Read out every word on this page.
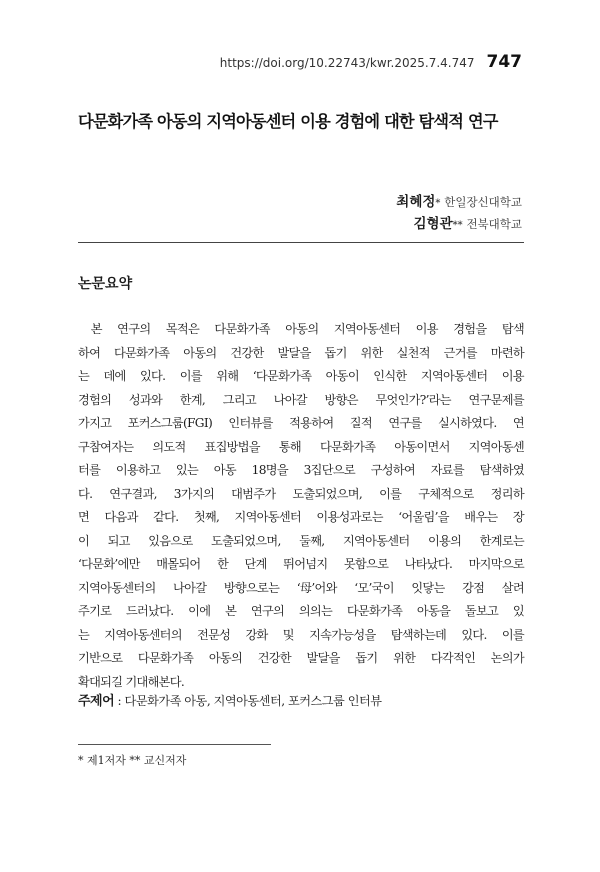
https://doi.org/10.22743/kwr.2025.7.4.747 747
다문화가족 아동의 지역아동센터 이용 경험에 대한 탐색적 연구
최혜정* 한일장신대학교
김형관** 전북대학교
논문요약
본 연구의 목적은 다문화가족 아동의 지역아동센터 이용 경험을 탐색
하여 다문화가족 아동의 건강한 발달을 돕기 위한 실천적 근거를 마련하
는 데에 있다. 이를 위해 ‘다문화가족 아동이 인식한 지역아동센터 이용
경험의 성과와 한계, 그리고 나아갈 방향은 무엇인가?’라는 연구문제를
가지고 포커스그룹(FGI) 인터뷰를 적용하여 질적 연구를 실시하였다. 연
구참여자는 의도적 표집방법을 통해 다문화가족 아동이면서 지역아동센
터를 이용하고 있는 아동 18명을 3집단으로 구성하여 자료를 탐색하였
다. 연구결과, 3가지의 대범주가 도출되었으며, 이를 구체적으로 정리하
면 다음과 같다. 첫째, 지역아동센터 이용성과로는 ‘어울림’을 배우는 장
이 되고 있음으로 도출되었으며, 둘째, 지역아동센터 이용의 한계로는
‘다문화’에만 매몰되어 한 단계 뛰어넘지 못함으로 나타났다. 마지막으로
지역아동센터의 나아갈 방향으로는 ‘母’어와 ‘모’국이 잇닿는 강점 살려
주기로 드러났다. 이에 본 연구의 의의는 다문화가족 아동을 돌보고 있
는 지역아동센터의 전문성 강화 및 지속가능성을 탐색하는데 있다. 이를
기반으로 다문화가족 아동의 건강한 발달을 돕기 위한 다각적인 논의가
확대되길 기대해본다.
주제어 : 다문화가족 아동, 지역아동센터, 포커스그룹 인터뷰
* 제1저자 ** 교신저자
